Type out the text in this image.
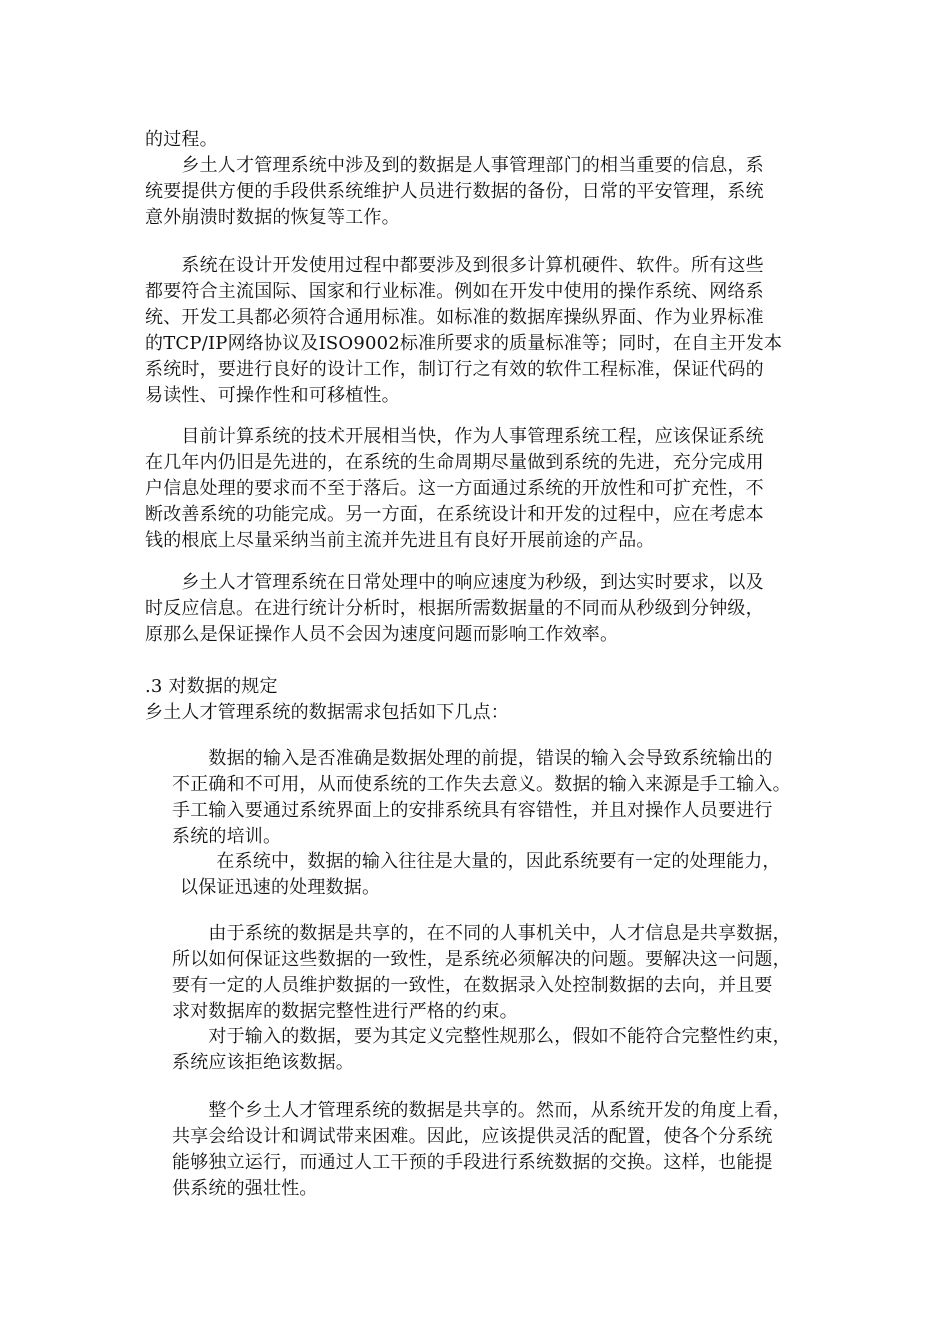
的过程。

　　乡土人才管理系统中涉及到的数据是人事管理部门的相当重要的信息，系
统要提供方便的手段供系统维护人员进行数据的备份，日常的平安管理，系统
意外崩溃时数据的恢复等工作。

　　系统在设计开发使用过程中都要涉及到很多计算机硬件、软件。所有这些
都要符合主流国际、国家和行业标准。例如在开发中使用的操作系统、网络系
统、开发工具都必须符合通用标准。如标准的数据库操纵界面、作为业界标准
的TCP/IP网络协议及ISO9002标准所要求的质量标准等；同时，在自主开发本
系统时，要进行良好的设计工作，制订行之有效的软件工程标准，保证代码的
易读性、可操作性和可移植性。

　　目前计算系统的技术开展相当快，作为人事管理系统工程，应该保证系统
在几年内仍旧是先进的，在系统的生命周期尽量做到系统的先进，充分完成用
户信息处理的要求而不至于落后。这一方面通过系统的开放性和可扩充性，不
断改善系统的功能完成。另一方面，在系统设计和开发的过程中，应在考虑本
钱的根底上尽量采纳当前主流并先进且有良好开展前途的产品。

　　乡土人才管理系统在日常处理中的响应速度为秒级，到达实时要求，以及
时反应信息。在进行统计分析时，根据所需数据量的不同而从秒级到分钟级，
原那么是保证操作人员不会因为速度问题而影响工作效率。

.3 对数据的规定
乡土人才管理系统的数据需求包括如下几点：

　　数据的输入是否准确是数据处理的前提，错误的输入会导致系统输出的
不正确和不可用，从而使系统的工作失去意义。数据的输入来源是手工输入。
手工输入要通过系统界面上的安排系统具有容错性，并且对操作人员要进行
系统的培训。

　　在系统中，数据的输入往往是大量的，因此系统要有一定的处理能力，
以保证迅速的处理数据。

　　由于系统的数据是共享的，在不同的人事机关中，人才信息是共享数据，
所以如何保证这些数据的一致性，是系统必须解决的问题。要解决这一问题，
要有一定的人员维护数据的一致性，在数据录入处控制数据的去向，并且要
求对数据库的数据完整性进行严格的约束。

　　对于输入的数据，要为其定义完整性规那么，假如不能符合完整性约束，
系统应该拒绝该数据。

　　整个乡土人才管理系统的数据是共享的。然而，从系统开发的角度上看，
共享会给设计和调试带来困难。因此，应该提供灵活的配置，使各个分系统
能够独立运行，而通过人工干预的手段进行系统数据的交换。这样，也能提
供系统的强壮性。
